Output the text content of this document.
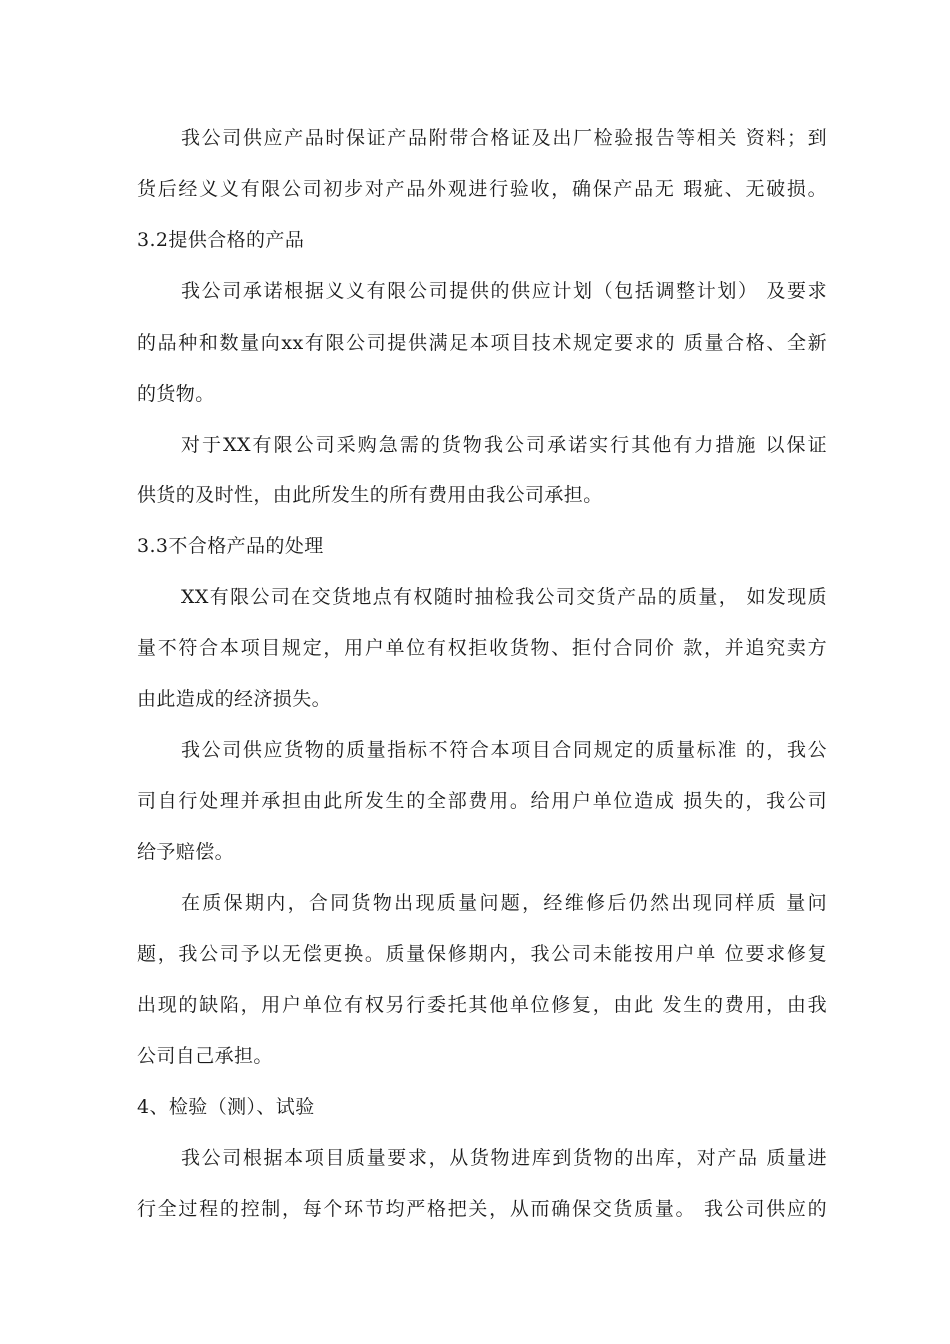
我公司供应产品时保证产品附带合格证及出厂检验报告等相关 资料；到
货后经义义有限公司初步对产品外观进行验收，确保产品无 瑕疵、无破损。
3.2提供合格的产品
我公司承诺根据义义有限公司提供的供应计划（包括调整计划） 及要求
的品种和数量向xx有限公司提供满足本项目技术规定要求的 质量合格、全新
的货物。
对于XX有限公司采购急需的货物我公司承诺实行其他有力措施 以保证
供货的及时性，由此所发生的所有费用由我公司承担。
3.3不合格产品的处理
XX有限公司在交货地点有权随时抽检我公司交货产品的质量， 如发现质
量不符合本项目规定，用户单位有权拒收货物、拒付合同价 款，并追究卖方
由此造成的经济损失。
我公司供应货物的质量指标不符合本项目合同规定的质量标准 的，我公
司自行处理并承担由此所发生的全部费用。给用户单位造成 损失的，我公司
给予赔偿。
在质保期内，合同货物出现质量问题，经维修后仍然出现同样质 量问
题，我公司予以无偿更换。质量保修期内，我公司未能按用户单 位要求修复
出现的缺陷，用户单位有权另行委托其他单位修复，由此 发生的费用，由我
公司自己承担。
4、检验（测）、试验
我公司根据本项目质量要求，从货物进库到货物的出库，对产品 质量进
行全过程的控制，每个环节均严格把关，从而确保交货质量。 我公司供应的
